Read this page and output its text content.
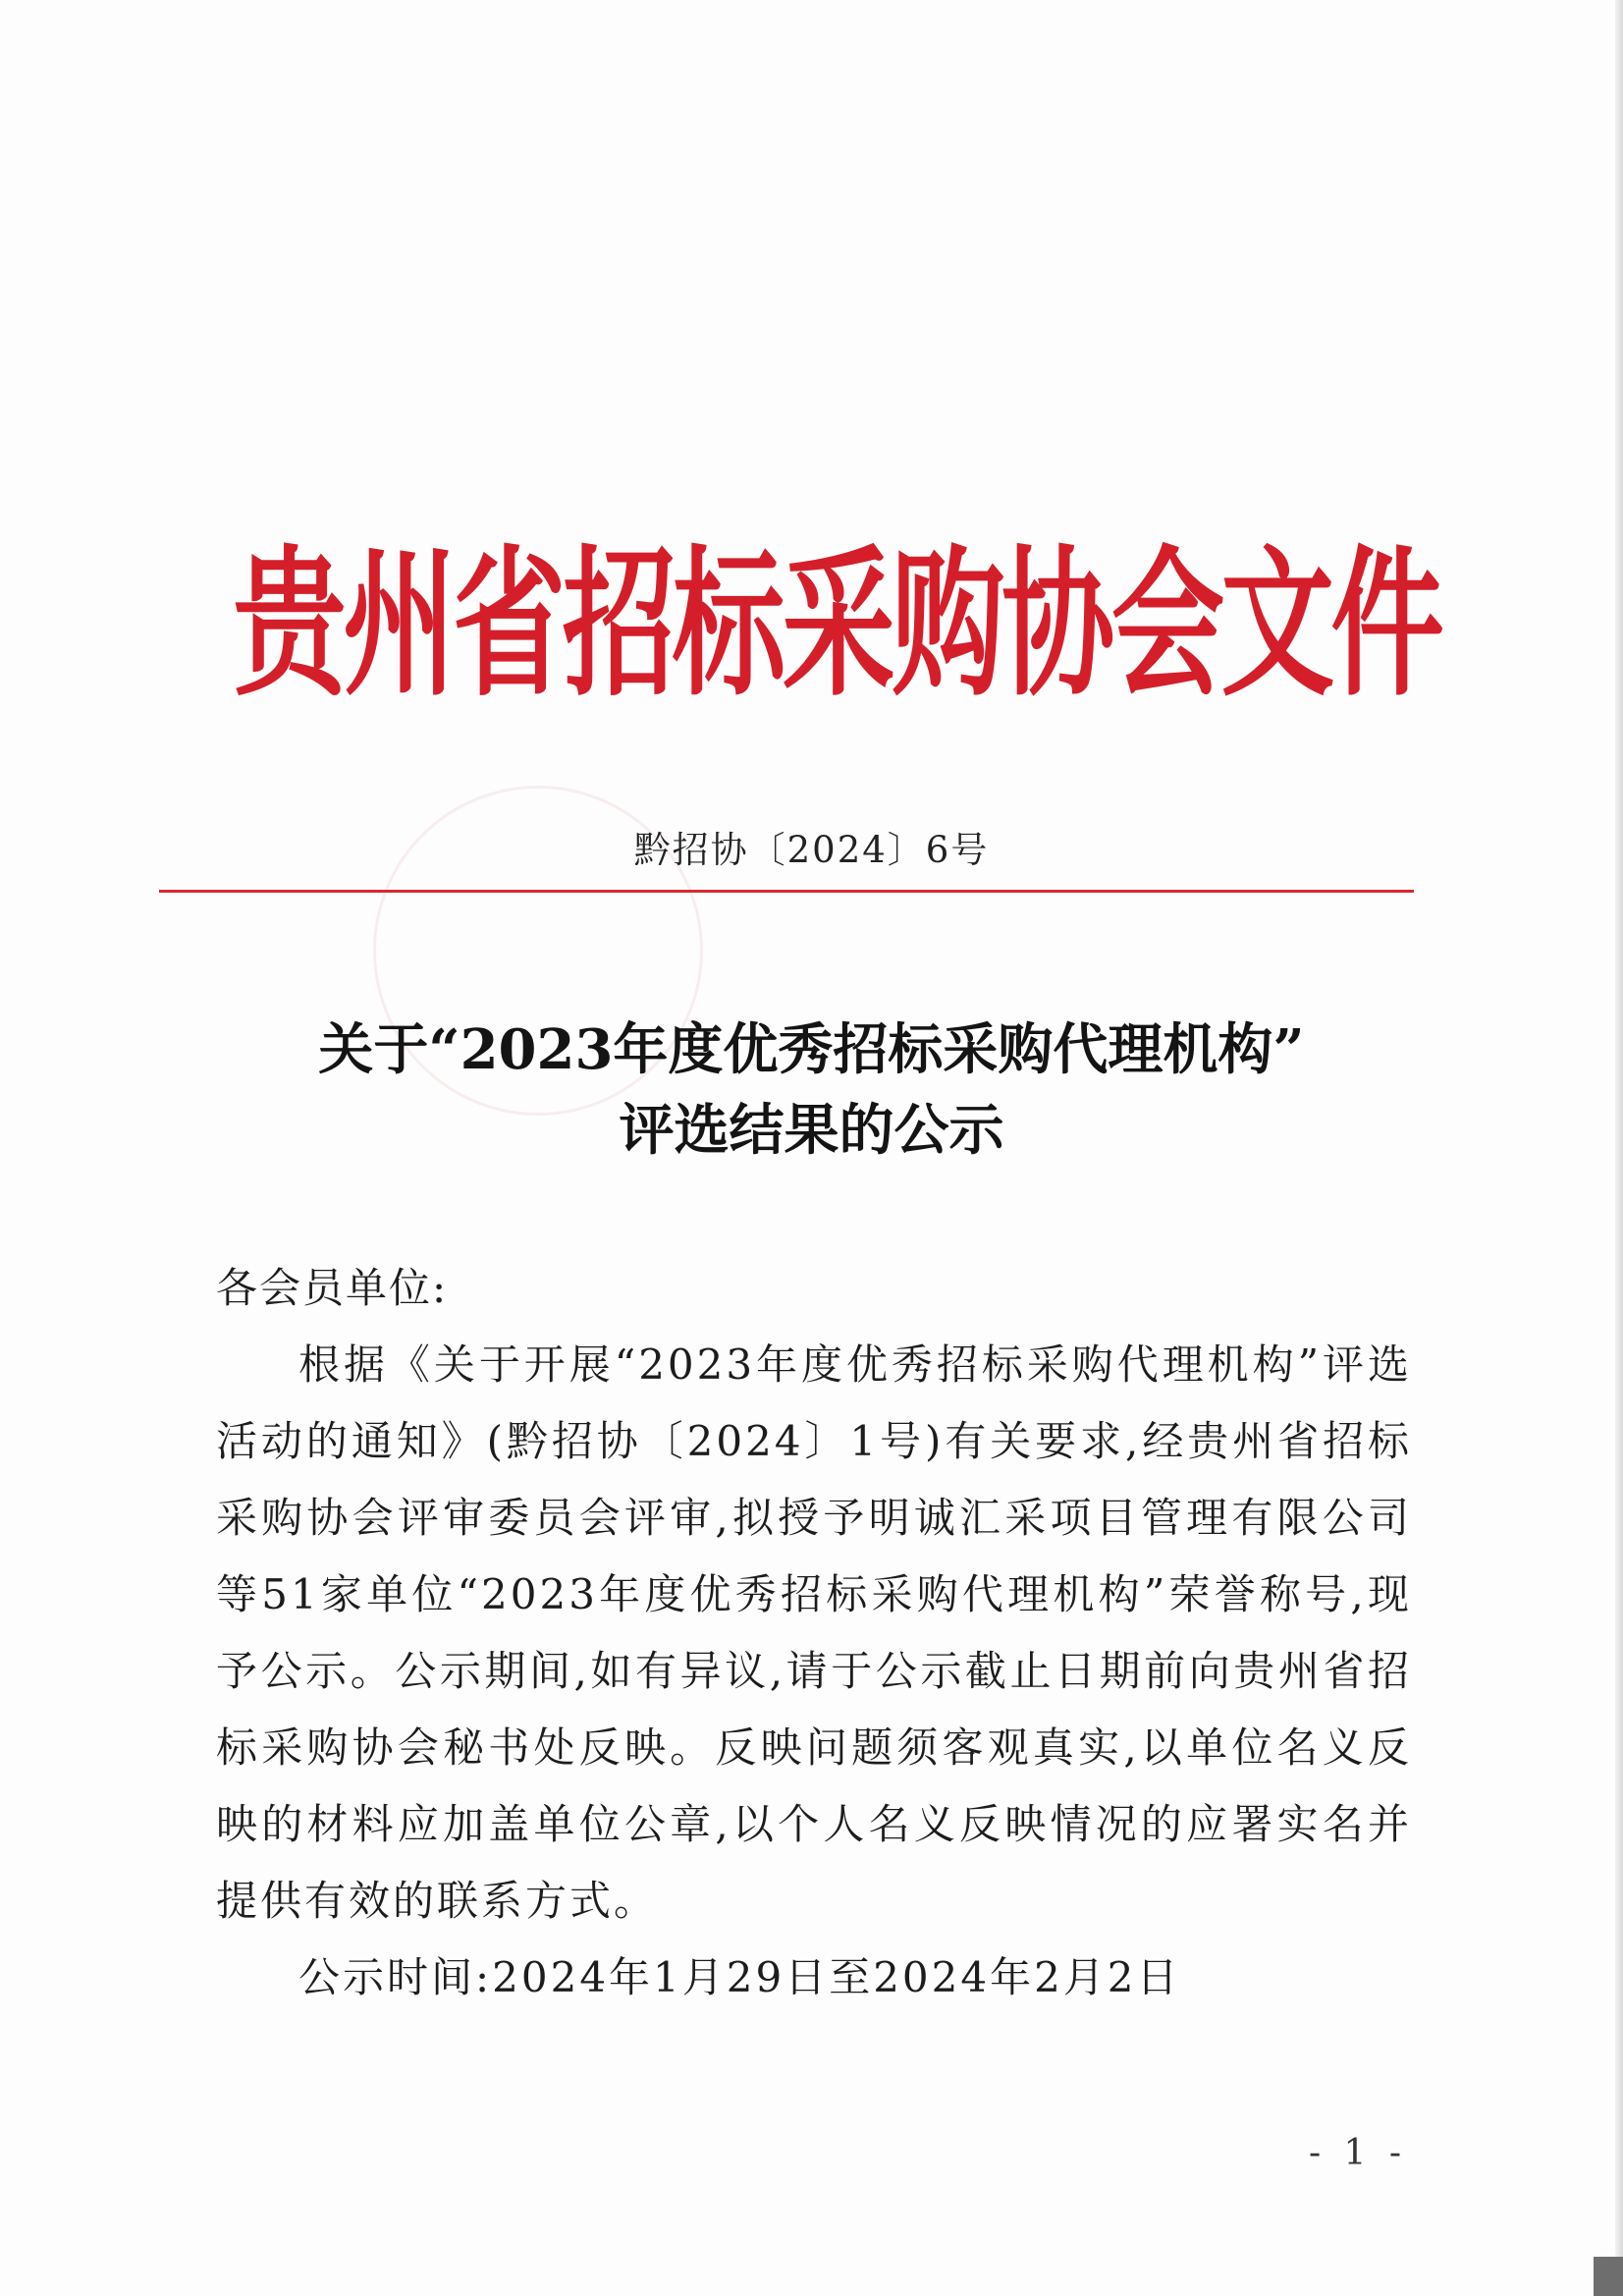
贵州省招标采购协会文件
黔招协〔2024〕6号
关于“2023年度优秀招标采购代理机构”
评选结果的公示

各会员单位:

根据《关于开展“2023年度优秀招标采购代理机构”评选活动的通知》(黔招协〔2024〕1号)有关要求,经贵州省招标采购协会评审委员会评审,拟授予明诚汇采项目管理有限公司等51家单位“2023年度优秀招标采购代理机构”荣誉称号,现予公示。公示期间,如有异议,请于公示截止日期前向贵州省招标采购协会秘书处反映。反映问题须客观真实,以单位名义反映的材料应加盖单位公章,以个人名义反映情况的应署实名并提供有效的联系方式。

公示时间:2024年1月29日至2024年2月2日

- 1 -
